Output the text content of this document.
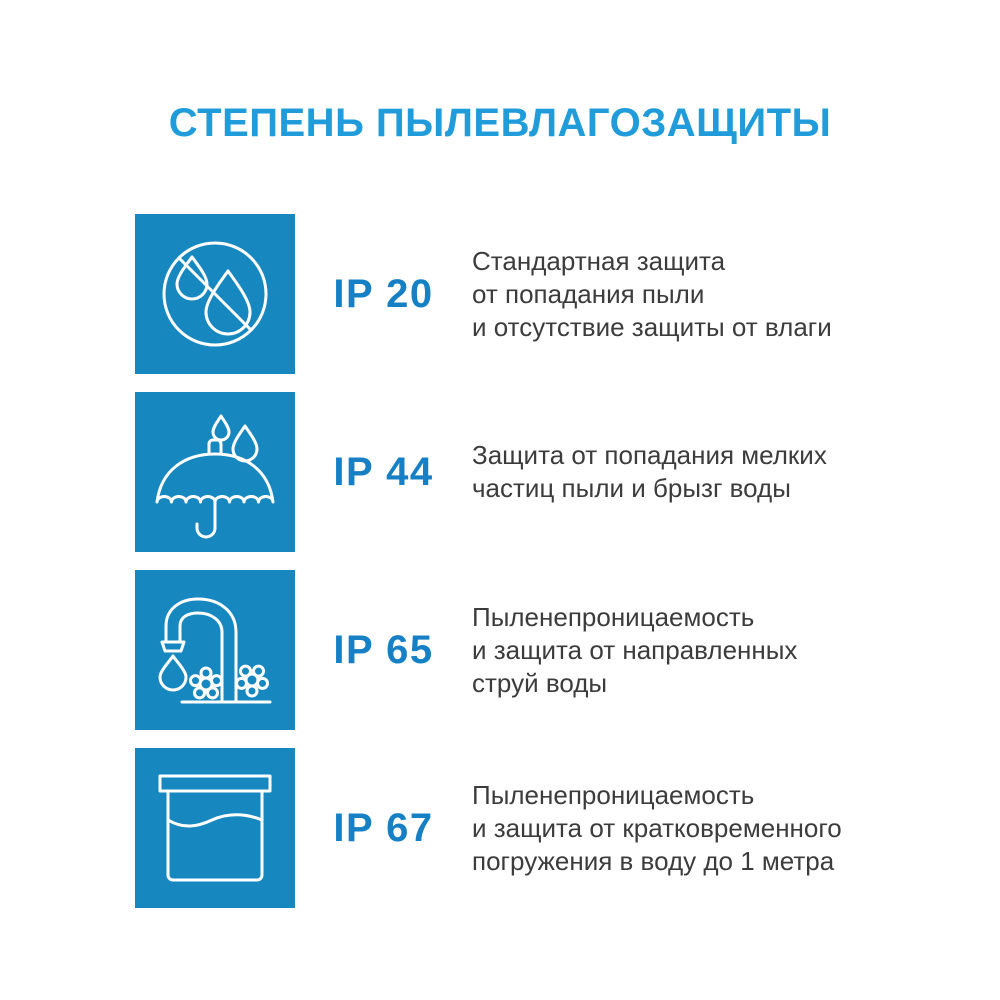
СТЕПЕНЬ ПЫЛЕВЛАГОЗАЩИТЫ
IP 20
Стандартная защита
от попадания пыли
и отсутствие защиты от влаги
IP 44	Защита от попадания мелких
частиц пыли и брызг воды
IP 65
Пыленепроницаемость
и защита от направленных
струй воды
IP 67
Пыленепроницаемость
и защита от кратковременного
погружения в воду до 1 метра
